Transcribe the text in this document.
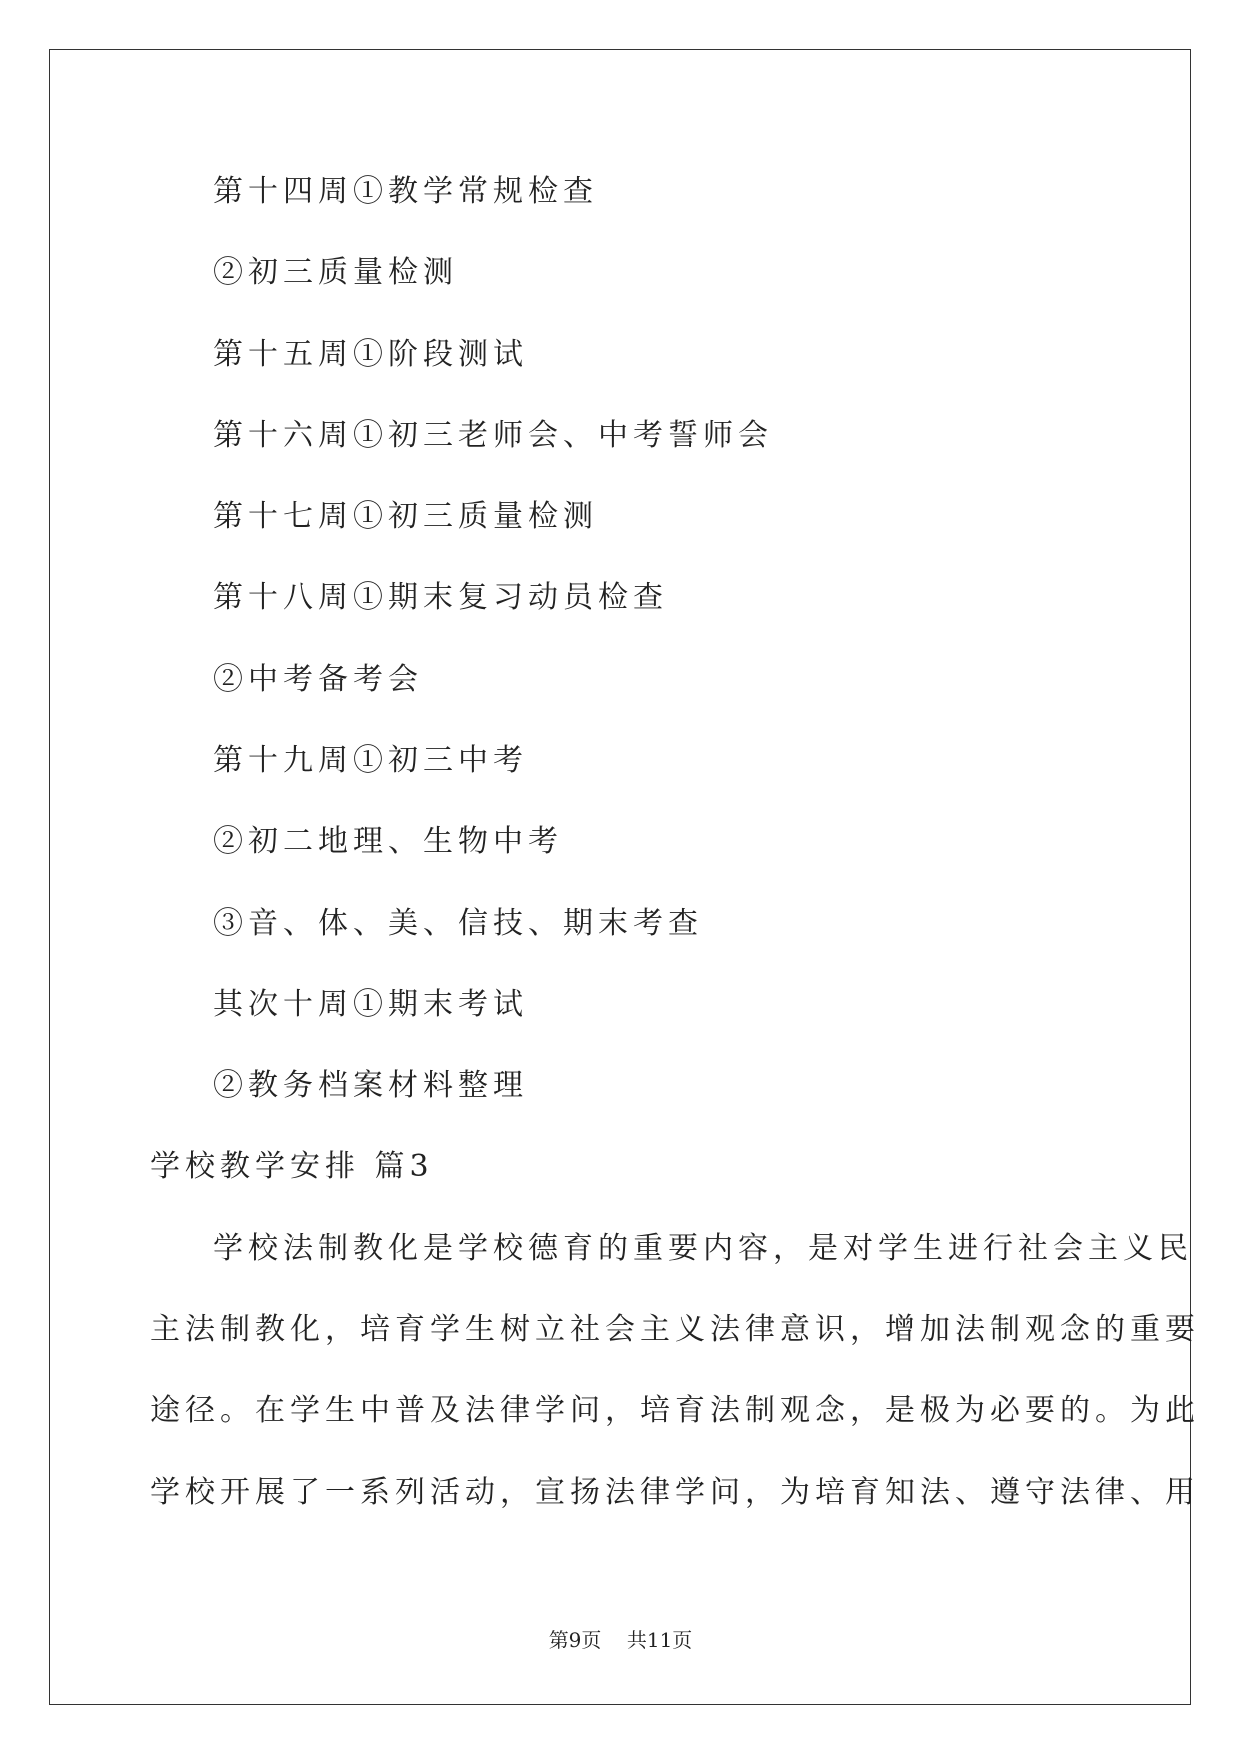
第十四周①教学常规检查
②初三质量检测
第十五周①阶段测试
第十六周①初三老师会、中考誓师会
第十七周①初三质量检测
第十八周①期末复习动员检查
②中考备考会
第十九周①初三中考
②初二地理、生物中考
③音、体、美、信技、期末考查
其次十周①期末考试
②教务档案材料整理
学校教学安排 篇3
学校法制教化是学校德育的重要内容，是对学生进行社会主义民
主法制教化，培育学生树立社会主义法律意识，增加法制观念的重要
途径。在学生中普及法律学问，培育法制观念，是极为必要的。为此
学校开展了一系列活动，宣扬法律学问，为培育知法、遵守法律、用
第9页    共11页
